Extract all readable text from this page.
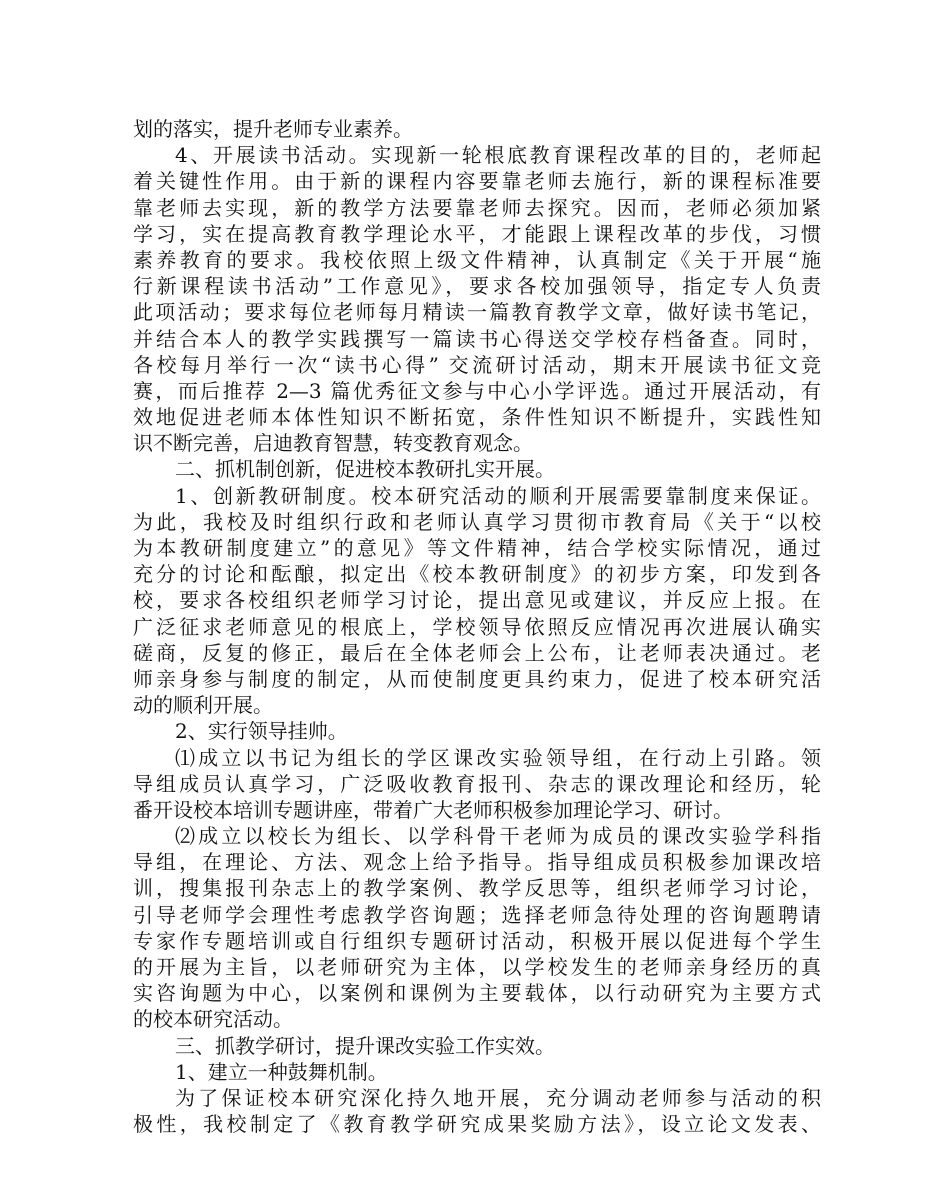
划的落实，提升老师专业素养。
4、开展读书活动。实现新一轮根底教育课程改革的目的，老师起
着关键性作用。由于新的课程内容要靠老师去施行，新的课程标准要
靠老师去实现，新的教学方法要靠老师去探究。因而，老师必须加紧
学习，实在提高教育教学理论水平，才能跟上课程改革的步伐，习惯
素养教育的要求。我校依照上级文件精神，认真制定《关于开展“施
行新课程读书活动”工作意见》，要求各校加强领导，指定专人负责
此项活动；要求每位老师每月精读一篇教育教学文章，做好读书笔记，
并结合本人的教学实践撰写一篇读书心得送交学校存档备查。同时，
各校每月举行一次“读书心得” 交流研讨活动，期末开展读书征文竞
赛，而后推荐 2—3 篇优秀征文参与中心小学评选。通过开展活动，有
效地促进老师本体性知识不断拓宽，条件性知识不断提升，实践性知
识不断完善，启迪教育智慧，转变教育观念。
二、抓机制创新，促进校本教研扎实开展。
1、创新教研制度。校本研究活动的顺利开展需要靠制度来保证。
为此，我校及时组织行政和老师认真学习贯彻市教育局《关于“以校
为本教研制度建立”的意见》等文件精神，结合学校实际情况，通过
充分的讨论和酝酿，拟定出《校本教研制度》的初步方案，印发到各
校，要求各校组织老师学习讨论，提出意见或建议，并反应上报。在
广泛征求老师意见的根底上，学校领导依照反应情况再次进展认确实
磋商，反复的修正，最后在全体老师会上公布，让老师表决通过。老
师亲身参与制度的制定，从而使制度更具约束力，促进了校本研究活
动的顺利开展。
2、实行领导挂帅。
⑴成立以书记为组长的学区课改实验领导组，在行动上引路。领
导组成员认真学习，广泛吸收教育报刊、杂志的课改理论和经历，轮
番开设校本培训专题讲座，带着广大老师积极参加理论学习、研讨。
⑵成立以校长为组长、以学科骨干老师为成员的课改实验学科指
导组，在理论、方法、观念上给予指导。指导组成员积极参加课改培
训，搜集报刊杂志上的教学案例、教学反思等，组织老师学习讨论，
引导老师学会理性考虑教学咨询题；选择老师急待处理的咨询题聘请
专家作专题培训或自行组织专题研讨活动，积极开展以促进每个学生
的开展为主旨，以老师研究为主体，以学校发生的老师亲身经历的真
实咨询题为中心，以案例和课例为主要载体，以行动研究为主要方式
的校本研究活动。
三、抓教学研讨，提升课改实验工作实效。
1、建立一种鼓舞机制。
为了保证校本研究深化持久地开展，充分调动老师参与活动的积
极性，我校制定了《教育教学研究成果奖励方法》，设立论文发表、
